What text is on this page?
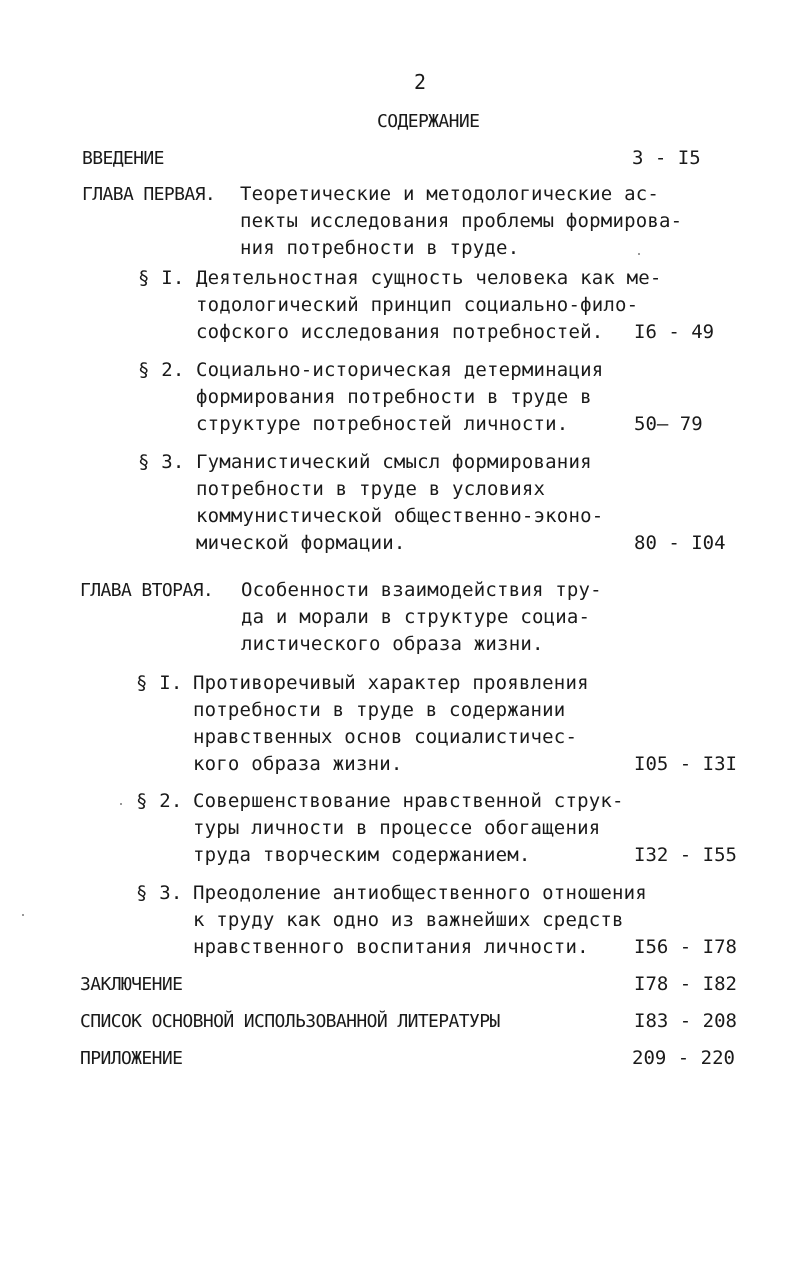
2
СОДЕРЖАНИЕ
ВВЕДЕНИЕ	3 - I5
ГЛАВА ПЕРВАЯ. Теоретические и методологические ас-
пекты исследования проблемы формирова-
ния потребности в труде.
§ I. Деятельностная сущность человека как ме-
тодологический принцип социально-фило-
софского исследования потребностей. I6 - 49
§ 2. Социально-историческая детерминация
формирования потребности в труде в
структуре потребностей личности.	50— 79
§ 3. Гуманистический смысл формирования
потребности в труде в условиях
коммунистической общественно-эконо-
мической формации.	80 - I04
ГЛАВА ВТОРАЯ. Особенности взаимодействия тру-
да и морали в структуре социа-
листического образа жизни.
§ I. Противоречивый характер проявления
потребности в труде в содержании
нравственных основ социалистичес-
кого образа жизни.	I05 - I3I
§ 2. Совершенствование нравственной струк-
туры личности в процессе обогащения
труда творческим содержанием.	I32 - I55
§ 3. Преодоление антиобщественного отношения
к труду как одно из важнейших средств
нравственного воспитания личности. I56 - I78
ЗАКЛЮЧЕНИЕ	I78 - I82
СПИСОК ОСНОВНОЙ ИСПОЛЬЗОВАННОЙ ЛИТЕРАТУРЫ	I83 - 208
ПРИЛОЖЕНИЕ	209 - 220
